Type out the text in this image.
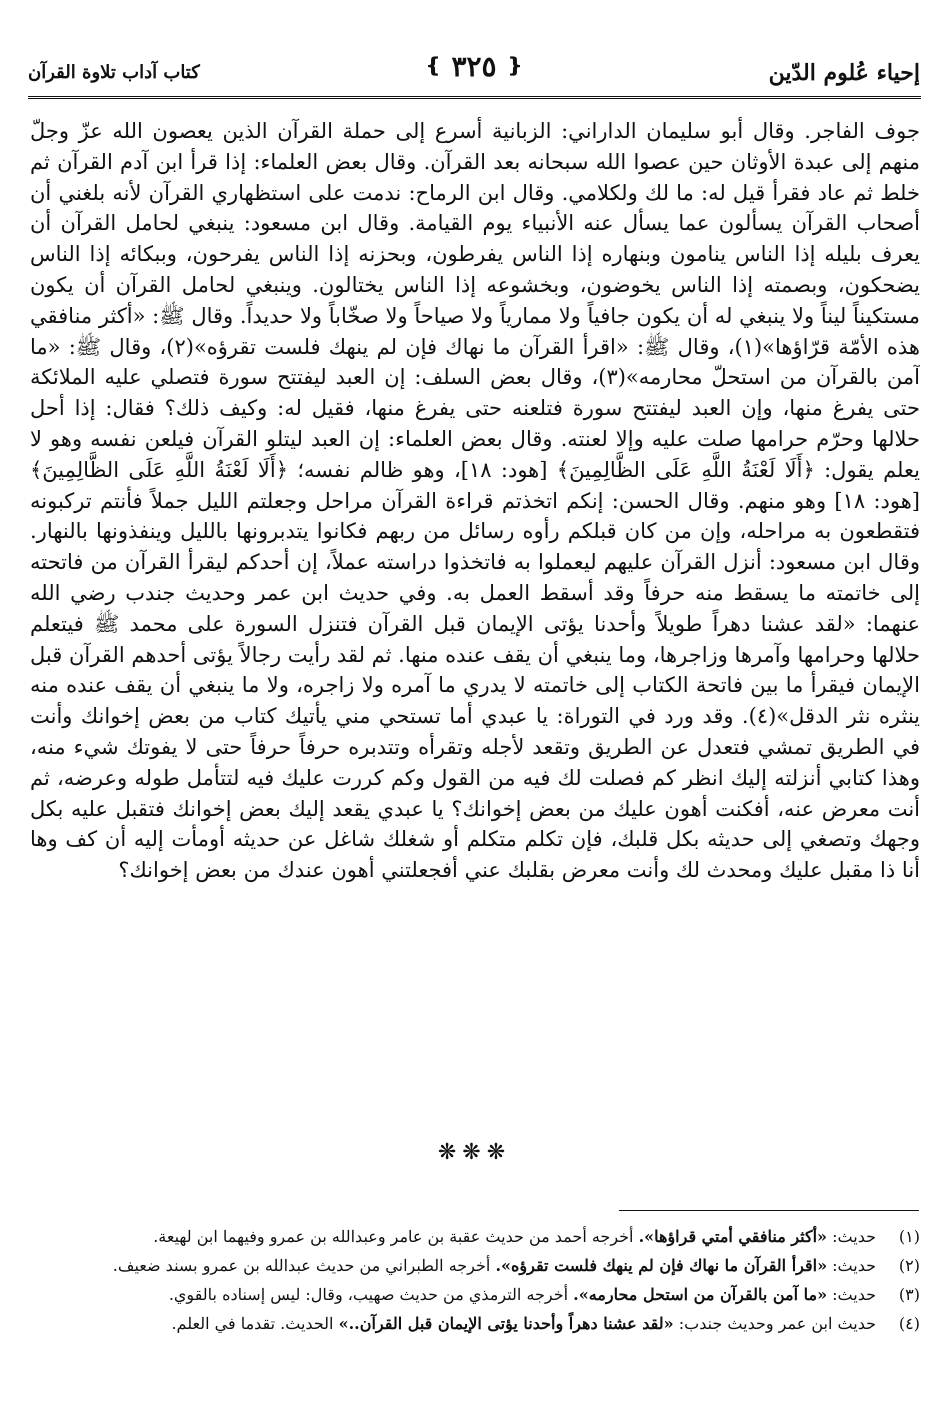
إحياء عُلوم الدّين
❴ ٣٢٥ ❵
كتاب آداب تلاوة القرآن

جوف الفاجر. وقال أبو سليمان الداراني: الزبانية أسرع إلى حملة القرآن الذين يعصون الله عزّ وجلّ منهم إلى عبدة الأوثان حين عصوا الله سبحانه بعد القرآن. وقال بعض العلماء: إذا قرأ ابن آدم القرآن ثم خلط ثم عاد فقرأ قيل له: ما لك ولكلامي. وقال ابن الرماح: ندمت على استظهاري القرآن لأنه بلغني أن أصحاب القرآن يسألون عما يسأل عنه الأنبياء يوم القيامة. وقال ابن مسعود: ينبغي لحامل القرآن أن يعرف بليله إذا الناس ينامون وبنهاره إذا الناس يفرطون، وبحزنه إذا الناس يفرحون، وببكائه إذا الناس يضحكون، وبصمته إذا الناس يخوضون، وبخشوعه إذا الناس يختالون. وينبغي لحامل القرآن أن يكون مستكيناً ليناً ولا ينبغي له أن يكون جافياً ولا ممارياً ولا صياحاً ولا صخّاباً ولا حديداً. وقال ﷺ: «أكثر منافقي هذه الأمّة قرّاؤها»(١)، وقال ﷺ: «اقرأ القرآن ما نهاك فإن لم ينهك فلست تقرؤه»(٢)، وقال ﷺ: «ما آمن بالقرآن من استحلّ محارمه»(٣)، وقال بعض السلف: إن العبد ليفتتح سورة فتصلي عليه الملائكة حتى يفرغ منها، وإن العبد ليفتتح سورة فتلعنه حتى يفرغ منها، فقيل له: وكيف ذلك؟ فقال: إذا أحل حلالها وحرّم حرامها صلت عليه وإلا لعنته. وقال بعض العلماء: إن العبد ليتلو القرآن فيلعن نفسه وهو لا يعلم يقول: ﴿أَلَا لَعْنَةُ اللَّهِ عَلَى الظَّالِمِينَ﴾ [هود: ١٨]، وهو ظالم نفسه؛ ﴿أَلَا لَعْنَةُ اللَّهِ عَلَى الظَّالِمِينَ﴾ [هود: ١٨] وهو منهم. وقال الحسن: إنكم اتخذتم قراءة القرآن مراحل وجعلتم الليل جملاً فأنتم تركبونه فتقطعون به مراحله، وإن من كان قبلكم رأوه رسائل من ربهم فكانوا يتدبرونها بالليل وينفذونها بالنهار. وقال ابن مسعود: أنزل القرآن عليهم ليعملوا به فاتخذوا دراسته عملاً، إن أحدكم ليقرأ القرآن من فاتحته إلى خاتمته ما يسقط منه حرفاً وقد أسقط العمل به. وفي حديث ابن عمر وحديث جندب رضي الله عنهما: «لقد عشنا دهراً طويلاً وأحدنا يؤتى الإيمان قبل القرآن فتنزل السورة على محمد ﷺ فيتعلم حلالها وحرامها وآمرها وزاجرها، وما ينبغي أن يقف عنده منها. ثم لقد رأيت رجالاً يؤتى أحدهم القرآن قبل الإيمان فيقرأ ما بين فاتحة الكتاب إلى خاتمته لا يدري ما آمره ولا زاجره، ولا ما ينبغي أن يقف عنده منه ينثره نثر الدقل»(٤). وقد ورد في التوراة: يا عبدي أما تستحي مني يأتيك كتاب من بعض إخوانك وأنت في الطريق تمشي فتعدل عن الطريق وتقعد لأجله وتقرأه وتتدبره حرفاً حرفاً حتى لا يفوتك شيء منه، وهذا كتابي أنزلته إليك انظر كم فصلت لك فيه من القول وكم كررت عليك فيه لتتأمل طوله وعرضه، ثم أنت معرض عنه، أفكنت أهون عليك من بعض إخوانك؟ يا عبدي يقعد إليك بعض إخوانك فتقبل عليه بكل وجهك وتصغي إلى حديثه بكل قلبك، فإن تكلم متكلم أو شغلك شاغل عن حديثه أومأت إليه أن كف وها أنا ذا مقبل عليك ومحدث لك وأنت معرض بقلبك عني أفجعلتني أهون عندك من بعض إخوانك؟

❋❋❋
(١)حديث: «أكثر منافقي أمتي قراؤها». أخرجه أحمد من حديث عقبة بن عامر وعبدالله بن عمرو وفيهما ابن لهيعة.
(٢)حديث: «اقرأ القرآن ما نهاك فإن لم ينهك فلست تقرؤه». أخرجه الطبراني من حديث عبدالله بن عمرو بسند ضعيف.
(٣)حديث: «ما آمن بالقرآن من استحل محارمه». أخرجه الترمذي من حديث صهيب، وقال: ليس إسناده بالقوي.
(٤)حديث ابن عمر وحديث جندب: «لقد عشنا دهراً وأحدنا يؤتى الإيمان قبل القرآن..» الحديث. تقدما في العلم.
